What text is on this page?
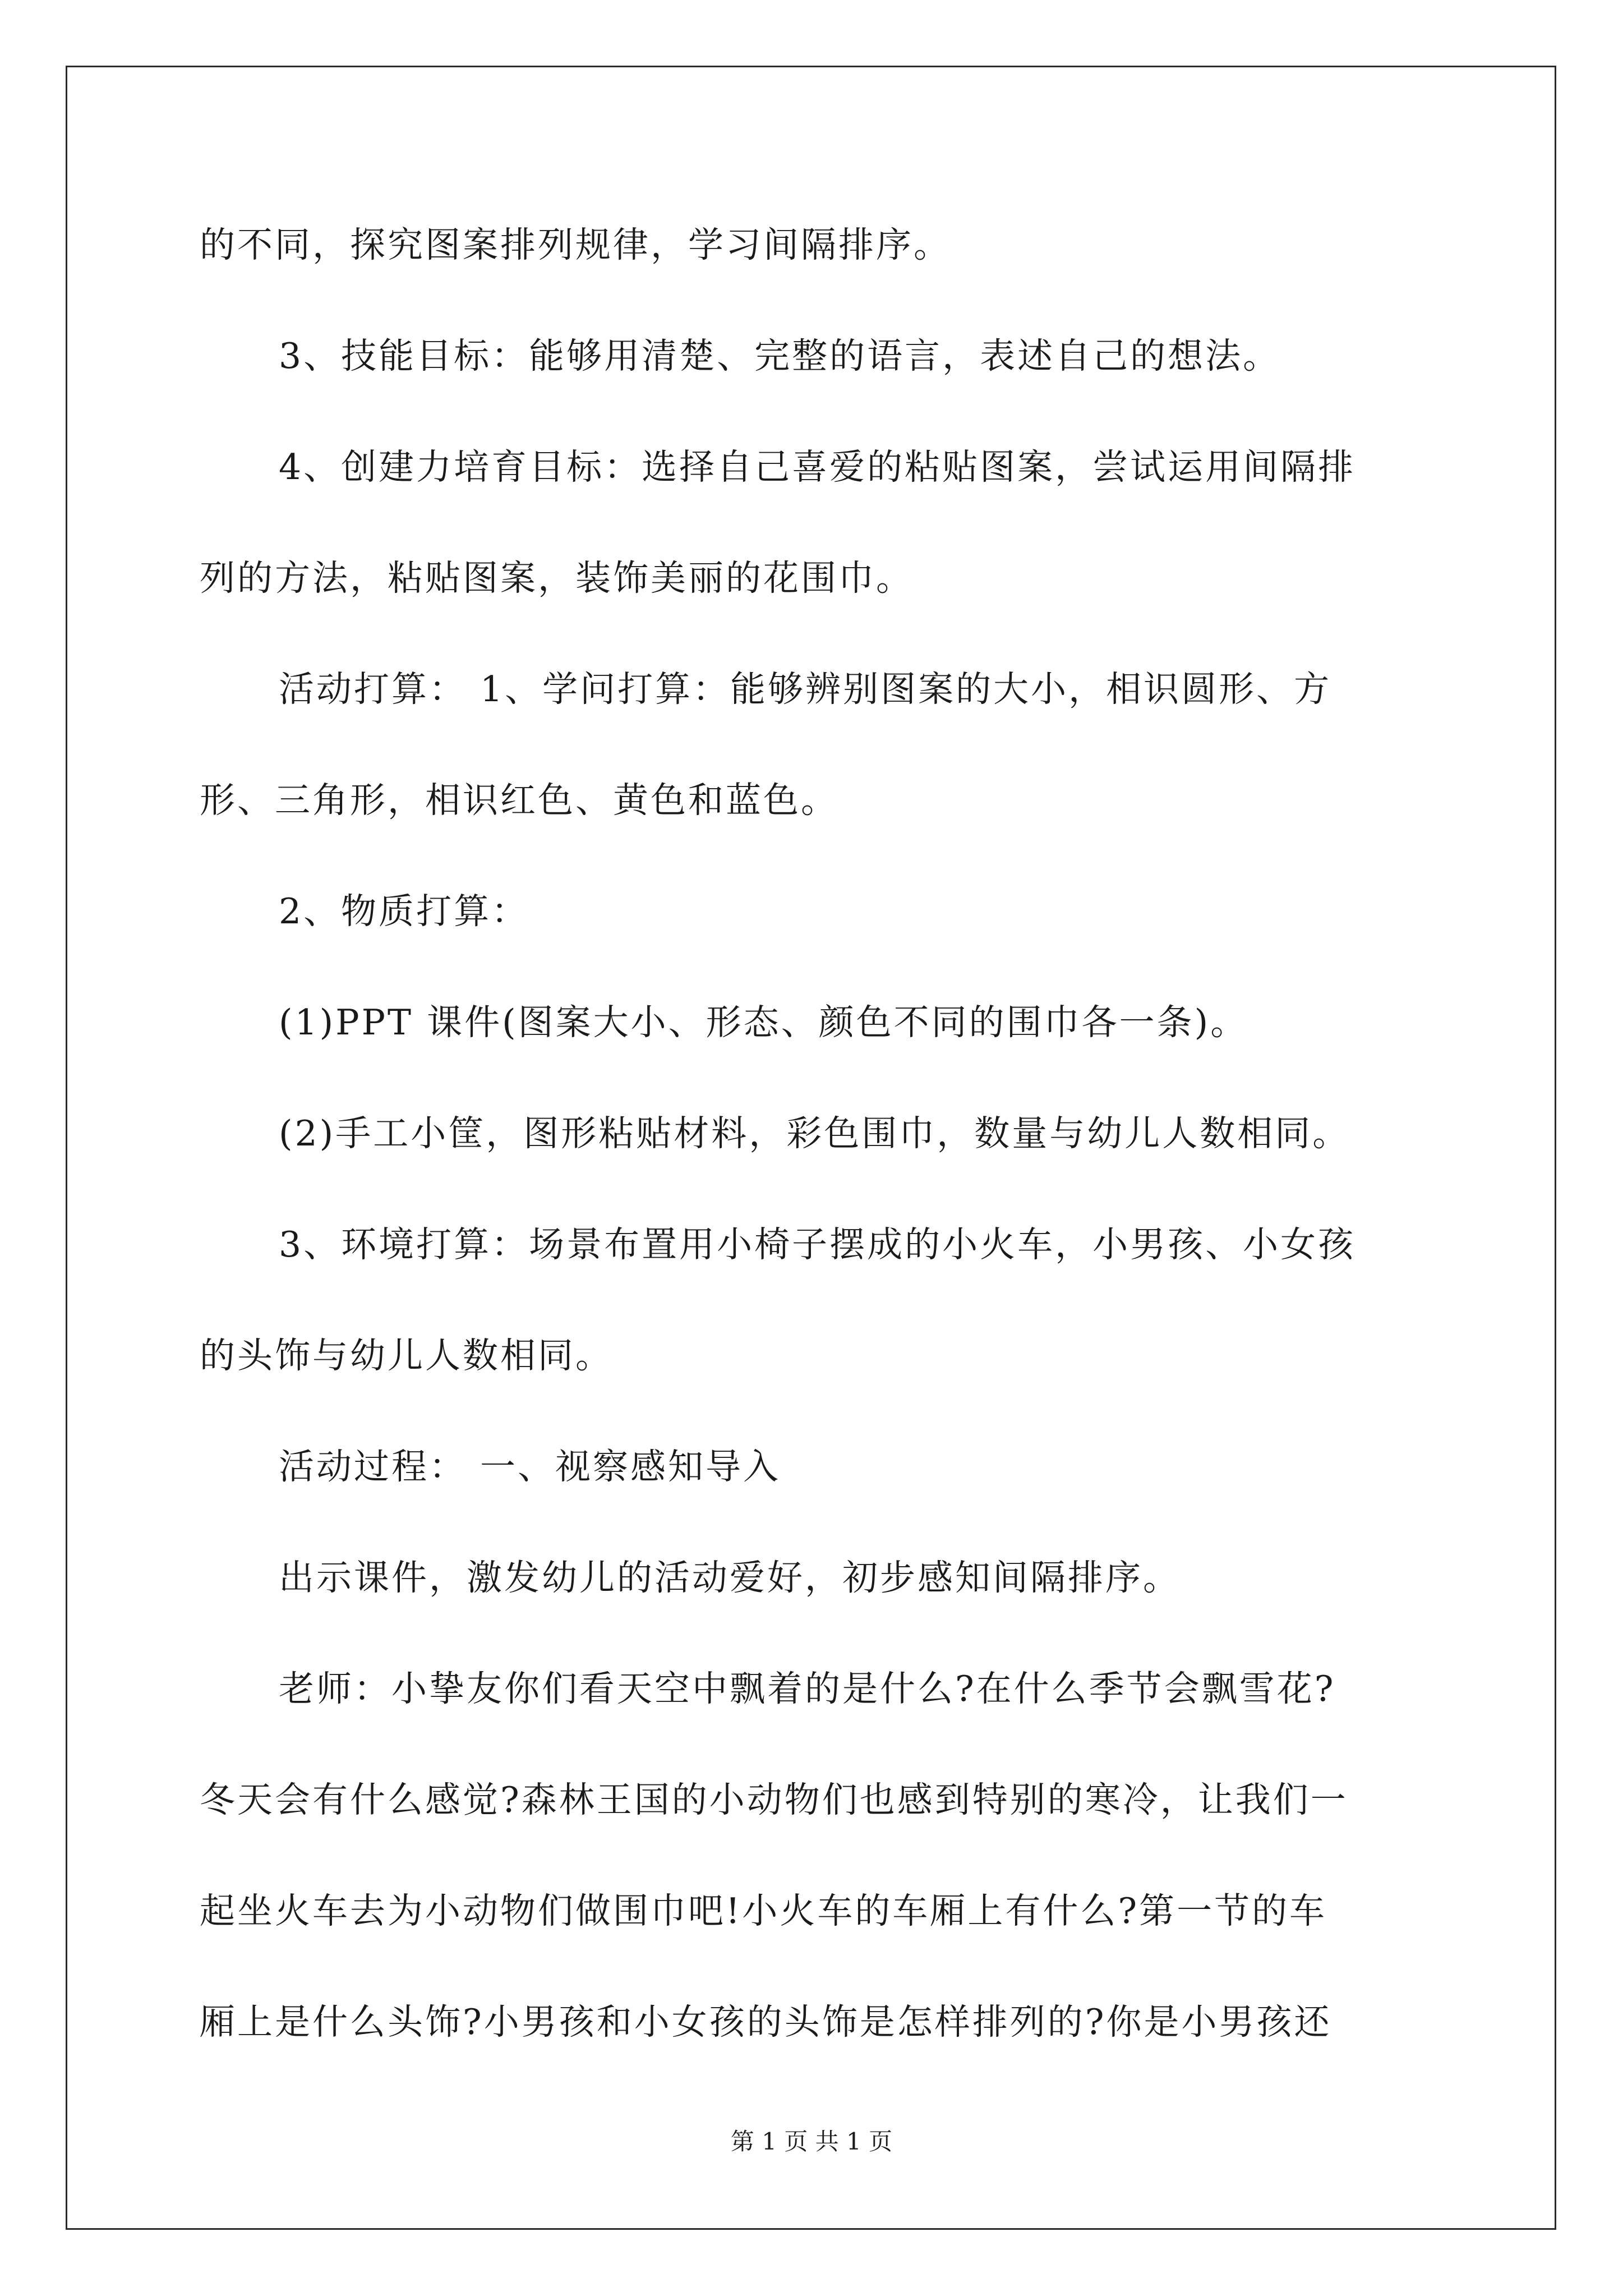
的不同，探究图案排列规律，学习间隔排序。
3、技能目标：能够用清楚、完整的语言，表述自己的想法。
4、创建力培育目标：选择自己喜爱的粘贴图案，尝试运用间隔排
列的方法，粘贴图案，装饰美丽的花围巾。
活动打算： 1、学问打算：能够辨别图案的大小，相识圆形、方
形、三角形，相识红色、黄色和蓝色。
2、物质打算：
(1)PPT 课件(图案大小、形态、颜色不同的围巾各一条)。
(2)手工小筐，图形粘贴材料，彩色围巾，数量与幼儿人数相同。
3、环境打算：场景布置用小椅子摆成的小火车，小男孩、小女孩
的头饰与幼儿人数相同。
活动过程： 一、视察感知导入
出示课件，激发幼儿的活动爱好，初步感知间隔排序。
老师：小挚友你们看天空中飘着的是什么?在什么季节会飘雪花?
冬天会有什么感觉?森林王国的小动物们也感到特别的寒冷，让我们一
起坐火车去为小动物们做围巾吧!小火车的车厢上有什么?第一节的车
厢上是什么头饰?小男孩和小女孩的头饰是怎样排列的?你是小男孩还
第 1 页 共 1 页
